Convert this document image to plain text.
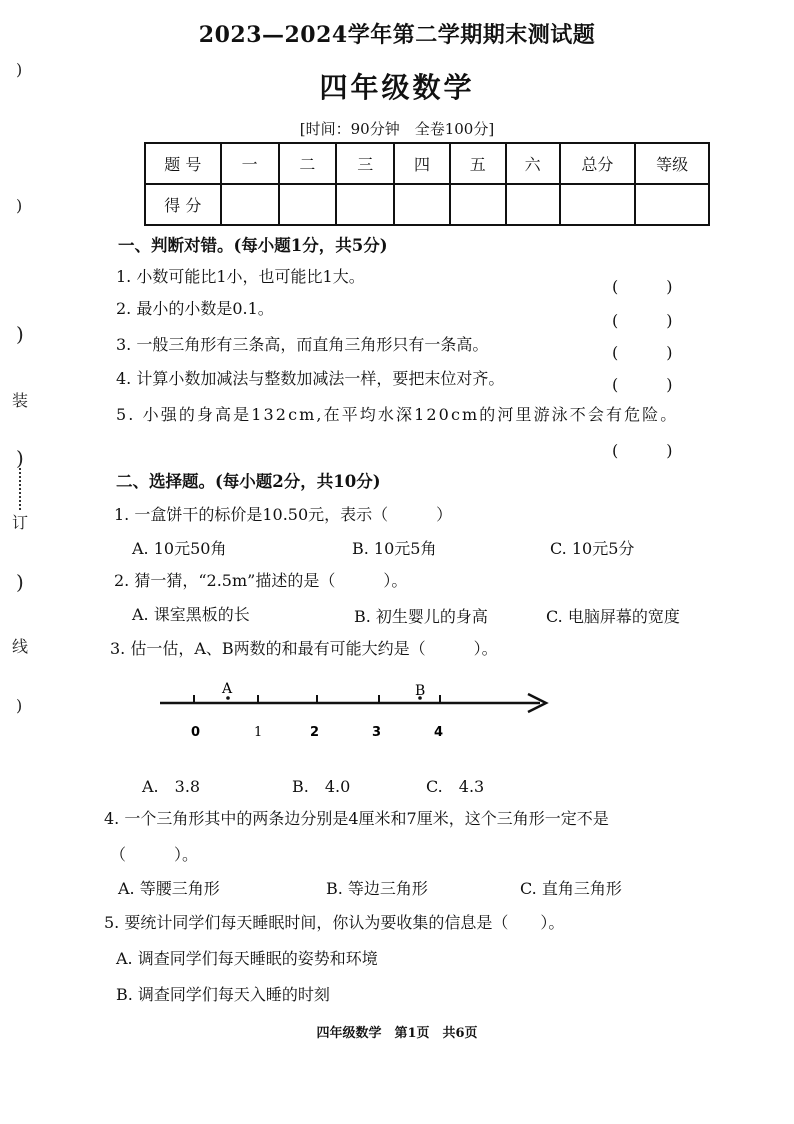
)
)
)
装
)
订
)
线
)
2023—2024学年第二学期期末测试题
四年级数学
[时间：90分钟　全卷100分]
题 号	一	二	三	四	五	六	总分	等级
得 分								
一、判断对错。(每小题1分，共5分)
1. 小数可能比1小，也可能比1大。
(　　　)
2. 最小的小数是0.1。
(　　　)
3. 一般三角形有三条高，而直角三角形只有一条高。	(　　　)
4. 计算小数加减法与整数加减法一样，要把末位对齐。	(　　　)
5. 小强的身高是132cm,在平均水深120cm的河里游泳不会有危险。
(　　　)
二、选择题。(每小题2分，共10分)
1. 一盒饼干的标价是10.50元，表示（　　　）
A. 10元50角	B. 10元5角	C. 10元5分
2. 猜一猜，“2.5m”描述的是（　　　）。
A. 课室黑板的长	B. 初生婴儿的身高	C. 电脑屏幕的宽度
3. 估一估，A、B两数的和最有可能大约是（　　　）。
A	B
0	1	2	3	4
A.　3.8	B.　4.0	C.　4.3
4. 一个三角形其中的两条边分别是4厘米和7厘米，这个三角形一定不是
（　　　）。
A. 等腰三角形	B. 等边三角形	C. 直角三角形
5. 要统计同学们每天睡眠时间，你认为要收集的信息是（　　）。
A. 调查同学们每天睡眠的姿势和环境
B. 调查同学们每天入睡的时刻
四年级数学　第1页　共6页
